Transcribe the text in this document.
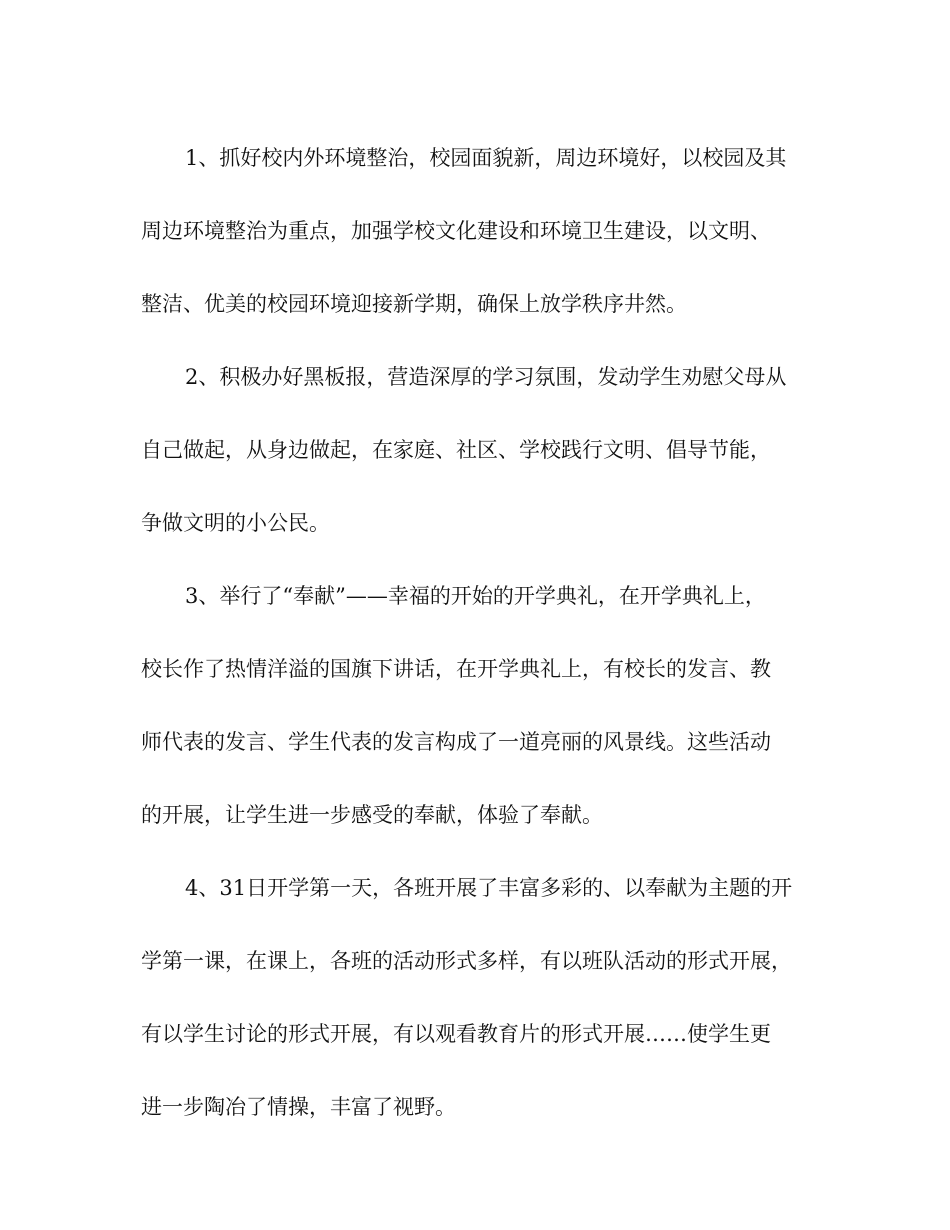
1、抓好校内外环境整治，校园面貌新，周边环境好，以校园及其
周边环境整治为重点，加强学校文化建设和环境卫生建设，以文明、
整洁、优美的校园环境迎接新学期，确保上放学秩序井然。
2、积极办好黑板报，营造深厚的学习氛围，发动学生劝慰父母从
自己做起，从身边做起，在家庭、社区、学校践行文明、倡导节能，
争做文明的小公民。
3、举行了“奉献”——幸福的开始的开学典礼，在开学典礼上，
校长作了热情洋溢的国旗下讲话，在开学典礼上，有校长的发言、教
师代表的发言、学生代表的发言构成了一道亮丽的风景线。这些活动
的开展，让学生进一步感受的奉献，体验了奉献。
4、31日开学第一天，各班开展了丰富多彩的、以奉献为主题的开
学第一课，在课上，各班的活动形式多样，有以班队活动的形式开展，
有以学生讨论的形式开展，有以观看教育片的形式开展……使学生更
进一步陶冶了情操，丰富了视野。
